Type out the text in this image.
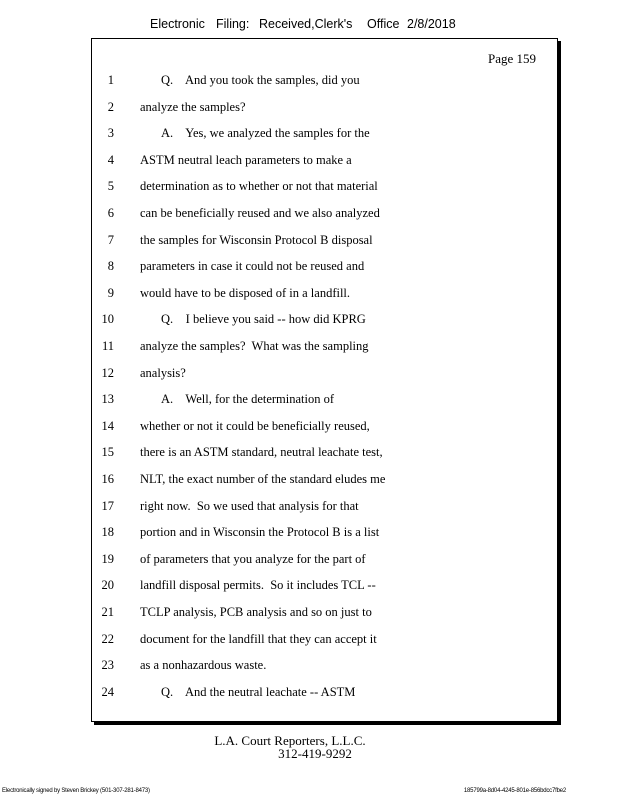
Electronic Filing: Received,Clerk's Office 2/8/2018
Page 159
1	Q.    And you took the samples, did you
2 analyze the samples?
3	A.    Yes, we analyzed the samples for the
4 ASTM neutral leach parameters to make a
5 determination as to whether or not that material
6 can be beneficially reused and we also analyzed
7 the samples for Wisconsin Protocol B disposal
8 parameters in case it could not be reused and
9 would have to be disposed of in a landfill.
10	Q.    I believe you said -- how did KPRG
11 analyze the samples?  What was the sampling
12 analysis?
13	A.    Well, for the determination of
14 whether or not it could be beneficially reused,
15 there is an ASTM standard, neutral leachate test,
16 NLT, the exact number of the standard eludes me
17 right now.  So we used that analysis for that
18 portion and in Wisconsin the Protocol B is a list
19 of parameters that you analyze for the part of
20 landfill disposal permits.  So it includes TCL --
21 TCLP analysis, PCB analysis and so on just to
22 document for the landfill that they can accept it
23 as a nonhazardous waste.
24	Q.    And the neutral leachate -- ASTM
L.A. Court Reporters, L.L.C.
312-419-9292
Electronically signed by Steven Brickey (501-307-281-8473)	185799a-8d04-4245-801e-856bdcc7fbe2
